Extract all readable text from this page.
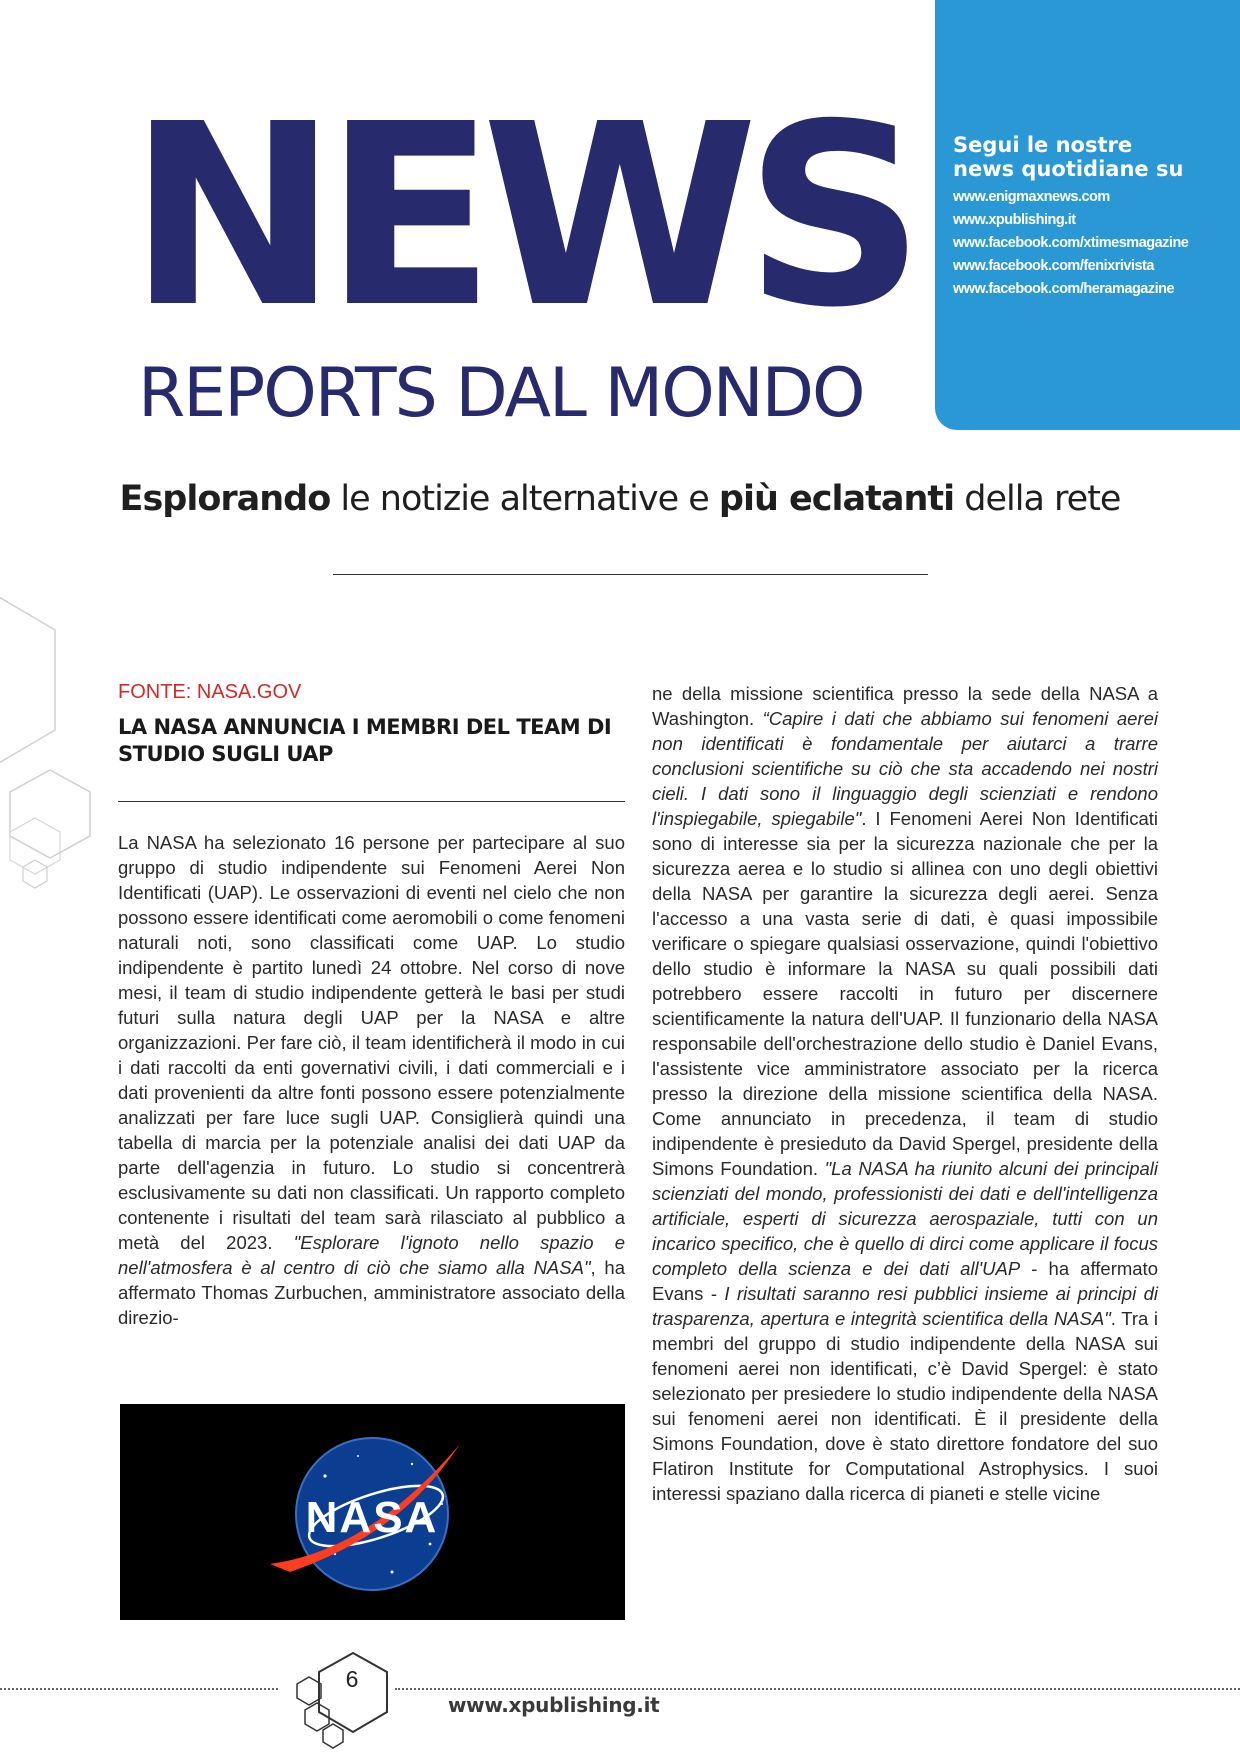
Segui le nostre
news quotidiane su
www.enigmaxnews.com
www.xpublishing.it
www.facebook.com/xtimesmagazine
www.facebook.com/fenixrivista
www.facebook.com/heramagazine
NEWS
REPORTS DAL MONDO

Esplorando le notizie alternative e più eclatanti della rete

FONTE: NASA.GOV

LA NASA ANNUNCIA I MEMBRI DEL TEAM DI STUDIO SUGLI UAP
La NASA ha selezionato 16 persone per partecipare al suo gruppo di studio indipendente sui Fenomeni Aerei Non Identificati (UAP). Le osservazioni di eventi nel cielo che non possono essere identificati come aeromobili o come fenomeni naturali noti, sono classificati come UAP. Lo studio indipendente è partito lunedì 24 ottobre. Nel corso di nove mesi, il team di studio indipendente getterà le basi per studi futuri sulla natura degli UAP per la NASA e altre organizzazioni. Per fare ciò, il team identificherà il modo in cui i dati raccolti da enti governativi civili, i dati commerciali e i dati provenienti da altre fonti possono essere potenzialmente analizzati per fare luce sugli UAP. Consiglierà quindi una tabella di marcia per la potenziale analisi dei dati UAP da parte dell'agenzia in futuro. Lo studio si concentrerà esclusivamente su dati non classificati. Un rapporto completo contenente i risultati del team sarà rilasciato al pubblico a metà del 2023. "Esplorare l'ignoto nello spazio e nell'atmosfera è al centro di ciò che siamo alla NASA", ha affermato Thomas Zurbuchen, amministratore associato della direzio-
NASA

ne della missione scientifica presso la sede della NASA a Washington. “Capire i dati che abbiamo sui fenomeni aerei non identificati è fondamentale per aiutarci a trarre conclusioni scientifiche su ciò che sta accadendo nei nostri cieli. I dati sono il linguaggio degli scienziati e rendono l'inspiegabile, spiegabile". I Fenomeni Aerei Non Identificati sono di interesse sia per la sicurezza nazionale che per la sicurezza aerea e lo studio si allinea con uno degli obiettivi della NASA per garantire la sicurezza degli aerei. Senza l'accesso a una vasta serie di dati, è quasi impossibile verificare o spiegare qualsiasi osservazione, quindi l'obiettivo dello studio è informare la NASA su quali possibili dati potrebbero essere raccolti in futuro per discernere scientificamente la natura dell'UAP. Il funzionario della NASA responsabile dell'orchestrazione dello studio è Daniel Evans, l'assistente vice amministratore associato per la ricerca presso la direzione della missione scientifica della NASA. Come annunciato in precedenza, il team di studio indipendente è presieduto da David Spergel, presidente della Simons Foundation. "La NASA ha riunito alcuni dei principali scienziati del mondo, professionisti dei dati e dell'intelligenza artificiale, esperti di sicurezza aerospaziale, tutti con un incarico specifico, che è quello di dirci come applicare il focus completo della scienza e dei dati all'UAP - ha affermato Evans - I risultati saranno resi pubblici insieme ai principi di trasparenza, apertura e integrità scientifica della NASA". Tra i membri del gruppo di studio indipendente della NASA sui fenomeni aerei non identificati, c’è David Spergel: è stato selezionato per presiedere lo studio indipendente della NASA sui fenomeni aerei non identificati. È il presidente della Simons Foundation, dove è stato direttore fondatore del suo Flatiron Institute for Computational Astrophysics. I suoi interessi spaziano dalla ricerca di pianeti e stelle vicine

6
www.xpublishing.it
